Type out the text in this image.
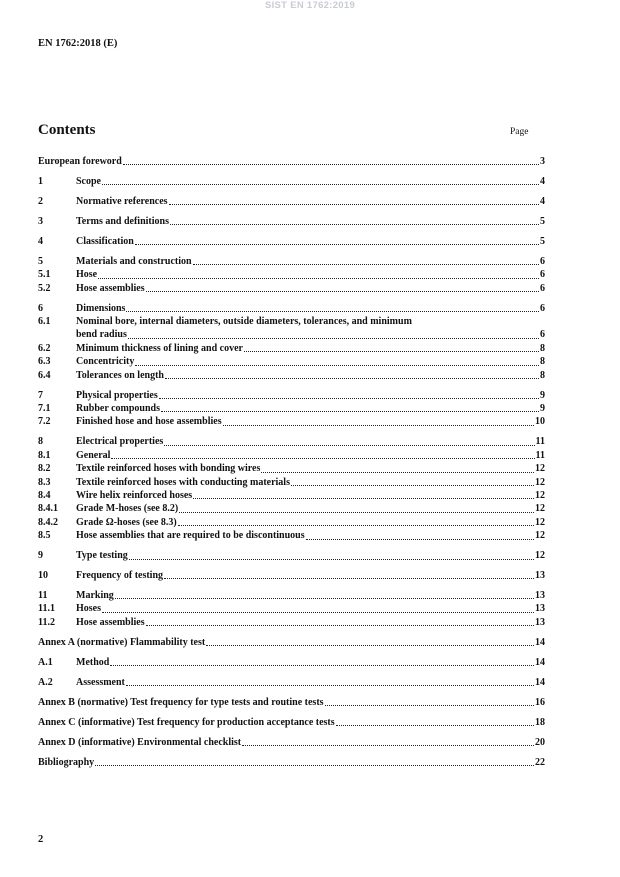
SIST EN 1762:2019
EN 1762:2018 (E)
Contents	Page
European foreword	3
1	Scope	4
2	Normative references	4
3	Terms and definitions	5
4	Classification	5
5	Materials and construction	6
5.1	Hose	6
5.2	Hose assemblies	6
6	Dimensions	6
6.1	Nominal bore, internal diameters, outside diameters, tolerances, and minimum
bend radius	6
6.2	Minimum thickness of lining and cover	8
6.3	Concentricity	8
6.4	Tolerances on length	8
7	Physical properties	9
7.1	Rubber compounds	9
7.2	Finished hose and hose assemblies	10
8	Electrical properties	11
8.1	General	11
8.2	Textile reinforced hoses with bonding wires	12
8.3	Textile reinforced hoses with conducting materials	12
8.4	Wire helix reinforced hoses	12
8.4.1	Grade M-hoses (see 8.2)	12
8.4.2	Grade Ω-hoses (see 8.3)	12
8.5	Hose assemblies that are required to be discontinuous	12
9	Type testing	12
10	Frequency of testing	13
11	Marking	13
11.1	Hoses	13
11.2	Hose assemblies	13
Annex A (normative) Flammability test	14
A.1	Method	14
A.2	Assessment	14
Annex B (normative) Test frequency for type tests and routine tests	16
Annex C (informative) Test frequency for production acceptance tests	18
Annex D (informative) Environmental checklist	20
Bibliography	22
2
